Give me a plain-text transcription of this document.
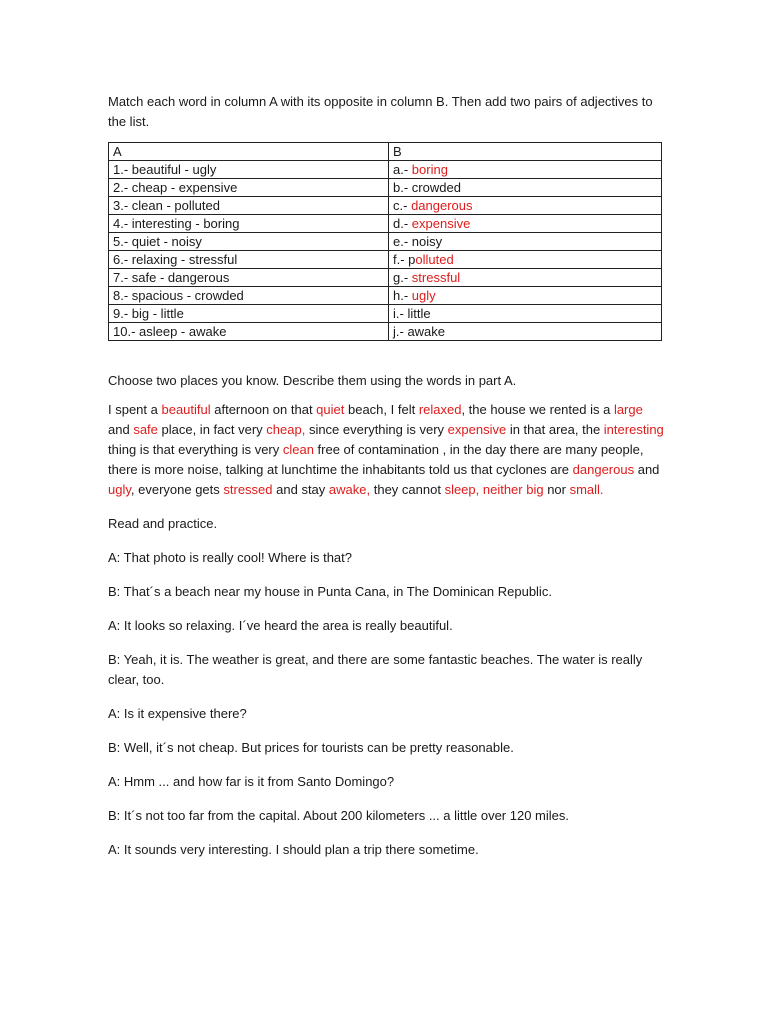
Match each word in column A with its opposite in column B. Then add two pairs of adjectives to the list.

A	B
1.- beautiful - ugly	a.- boring
2.- cheap - expensive	b.- crowded
3.- clean - polluted	c.- dangerous
4.- interesting - boring	d.- expensive
5.- quiet - noisy	e.- noisy
6.- relaxing - stressful	f.- polluted
7.- safe - dangerous	g.- stressful
8.- spacious - crowded	h.- ugly
9.- big - little	i.- little
10.- asleep - awake	j.- awake

Choose two places you know. Describe them using the words in part A.

I spent a beautiful afternoon on that quiet beach, I felt relaxed, the house we rented is a large and safe place, in fact very cheap, since everything is very expensive in that area, the interesting thing is that everything is very clean free of contamination , in the day there are many people, there is more noise, talking at lunchtime the inhabitants told us that cyclones are dangerous and ugly, everyone gets stressed and stay awake, they cannot sleep, neither big nor small.

Read and practice.

A: That photo is really cool! Where is that?

B: That´s a beach near my house in Punta Cana, in The Dominican Republic.

A: It looks so relaxing. I´ve heard the area is really beautiful.

B: Yeah, it is. The weather is great, and there are some fantastic beaches. The water is really clear, too.

A: Is it expensive there?

B: Well, it´s not cheap. But prices for tourists can be pretty reasonable.

A: Hmm ... and how far is it from Santo Domingo?

B: It´s not too far from the capital. About 200 kilometers ... a little over 120 miles.

A: It sounds very interesting. I should plan a trip there sometime.
